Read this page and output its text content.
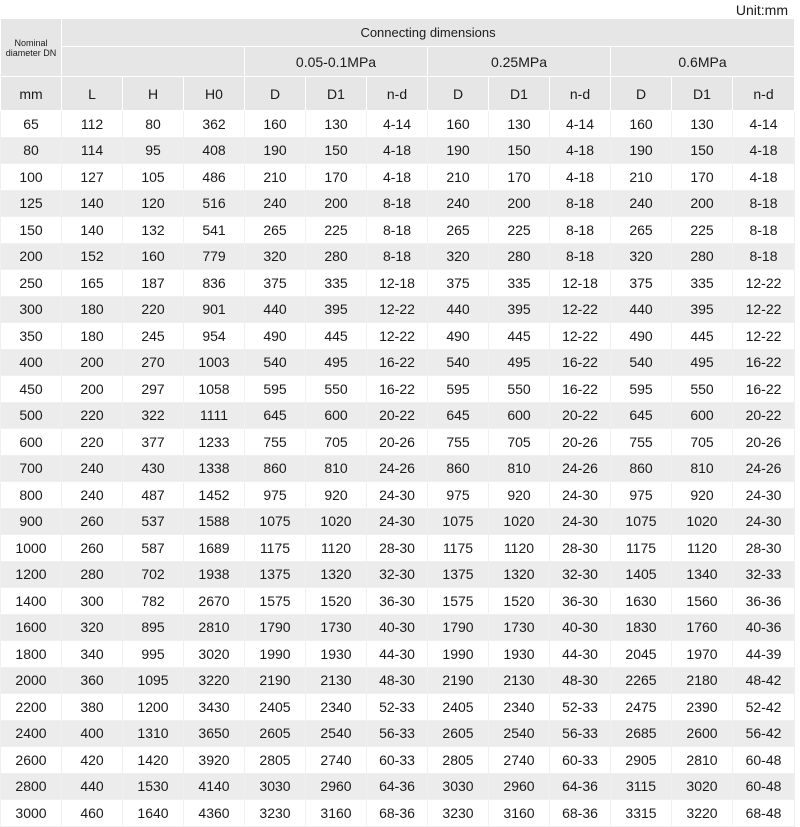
Unit:mm
Nominal diameter DN	Connecting dimensions											
				0.05-0.1MPa			0.25MPa			0.6MPa		
mm	L	H	H0	D	D1	n-d	D	D1	n-d	D	D1	n-d
65	112	80	362	160	130	4-14	160	130	4-14	160	130	4-14
80	114	95	408	190	150	4-18	190	150	4-18	190	150	4-18
100	127	105	486	210	170	4-18	210	170	4-18	210	170	4-18
125	140	120	516	240	200	8-18	240	200	8-18	240	200	8-18
150	140	132	541	265	225	8-18	265	225	8-18	265	225	8-18
200	152	160	779	320	280	8-18	320	280	8-18	320	280	8-18
250	165	187	836	375	335	12-18	375	335	12-18	375	335	12-22
300	180	220	901	440	395	12-22	440	395	12-22	440	395	12-22
350	180	245	954	490	445	12-22	490	445	12-22	490	445	12-22
400	200	270	1003	540	495	16-22	540	495	16-22	540	495	16-22
450	200	297	1058	595	550	16-22	595	550	16-22	595	550	16-22
500	220	322	1111	645	600	20-22	645	600	20-22	645	600	20-22
600	220	377	1233	755	705	20-26	755	705	20-26	755	705	20-26
700	240	430	1338	860	810	24-26	860	810	24-26	860	810	24-26
800	240	487	1452	975	920	24-30	975	920	24-30	975	920	24-30
900	260	537	1588	1075	1020	24-30	1075	1020	24-30	1075	1020	24-30
1000	260	587	1689	1175	1120	28-30	1175	1120	28-30	1175	1120	28-30
1200	280	702	1938	1375	1320	32-30	1375	1320	32-30	1405	1340	32-33
1400	300	782	2670	1575	1520	36-30	1575	1520	36-30	1630	1560	36-36
1600	320	895	2810	1790	1730	40-30	1790	1730	40-30	1830	1760	40-36
1800	340	995	3020	1990	1930	44-30	1990	1930	44-30	2045	1970	44-39
2000	360	1095	3220	2190	2130	48-30	2190	2130	48-30	2265	2180	48-42
2200	380	1200	3430	2405	2340	52-33	2405	2340	52-33	2475	2390	52-42
2400	400	1310	3650	2605	2540	56-33	2605	2540	56-33	2685	2600	56-42
2600	420	1420	3920	2805	2740	60-33	2805	2740	60-33	2905	2810	60-48
2800	440	1530	4140	3030	2960	64-36	3030	2960	64-36	3115	3020	60-48
3000	460	1640	4360	3230	3160	68-36	3230	3160	68-36	3315	3220	68-48
